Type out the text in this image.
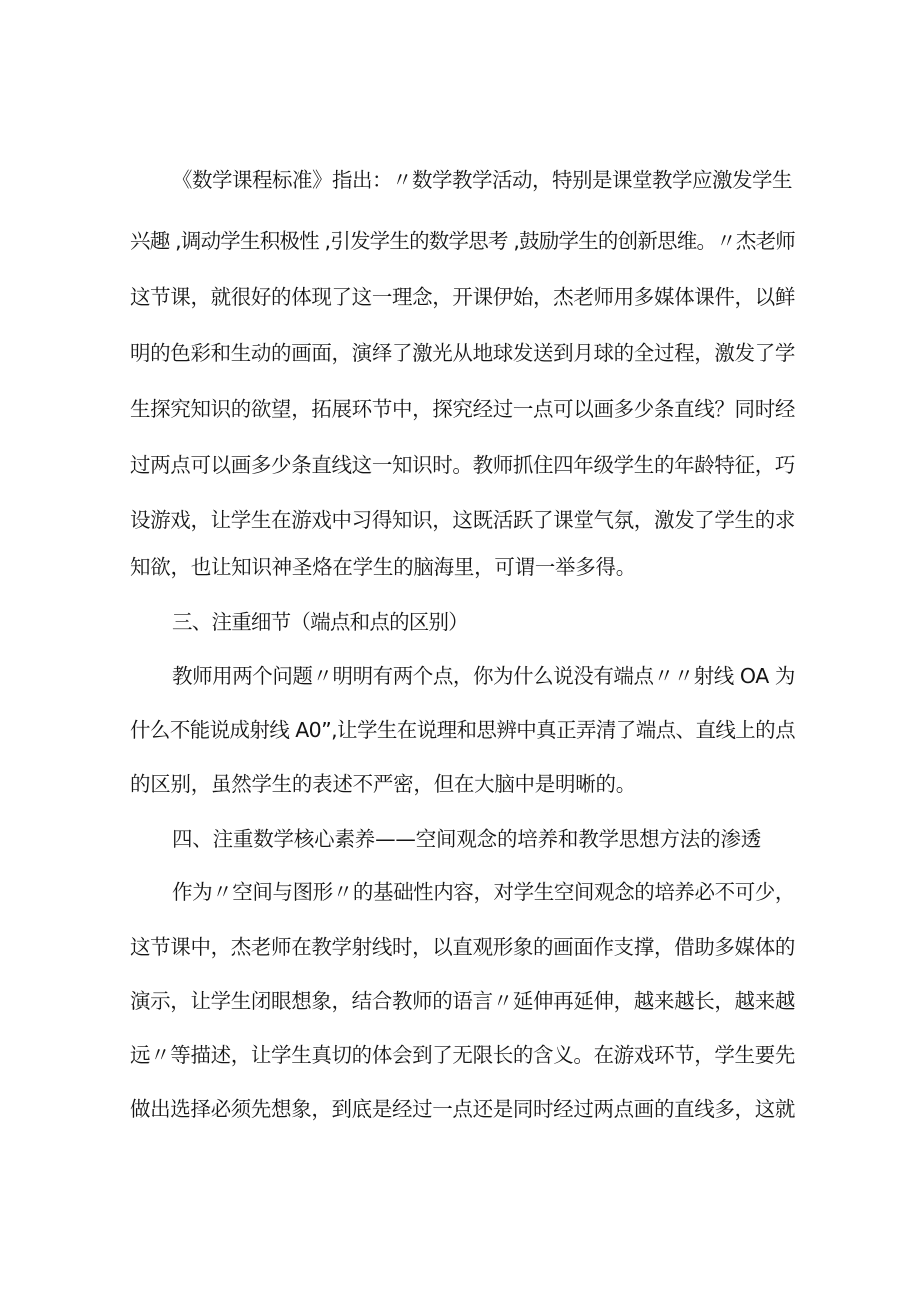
《数学课程标准》指出：〃数学教学活动，特别是课堂教学应激发学生
兴趣 ,调动学生积极性 ,引发学生的数学思考 ,鼓励学生的创新思维。〃杰老师
这节课，就很好的体现了这一理念，开课伊始，杰老师用多媒体课件，以鲜
明的色彩和生动的画面，演绎了激光从地球发送到月球的全过程，激发了学
生探究知识的欲望，拓展环节中，探究经过一点可以画多少条直线？同时经
过两点可以画多少条直线这一知识时。教师抓住四年级学生的年龄特征，巧
设游戏，让学生在游戏中习得知识，这既活跃了课堂气氛，激发了学生的求
知欲，也让知识神圣烙在学生的脑海里，可谓一举多得。
三、注重细节（端点和点的区别）
教师用两个问题〃明明有两个点，你为什么说没有端点〃〃射线 OA 为
什么不能说成射线 A0”,让学生在说理和思辨中真正弄清了端点、直线上的点
的区别，虽然学生的表述不严密，但在大脑中是明晰的。
四、注重数学核心素养——空间观念的培养和教学思想方法的渗透
作为〃空间与图形〃的基础性内容，对学生空间观念的培养必不可少，
这节课中，杰老师在教学射线时，以直观形象的画面作支撑，借助多媒体的
演示，让学生闭眼想象，结合教师的语言〃延伸再延伸，越来越长，越来越
远〃等描述，让学生真切的体会到了无限长的含义。在游戏环节，学生要先
做出选择必须先想象，到底是经过一点还是同时经过两点画的直线多，这就
